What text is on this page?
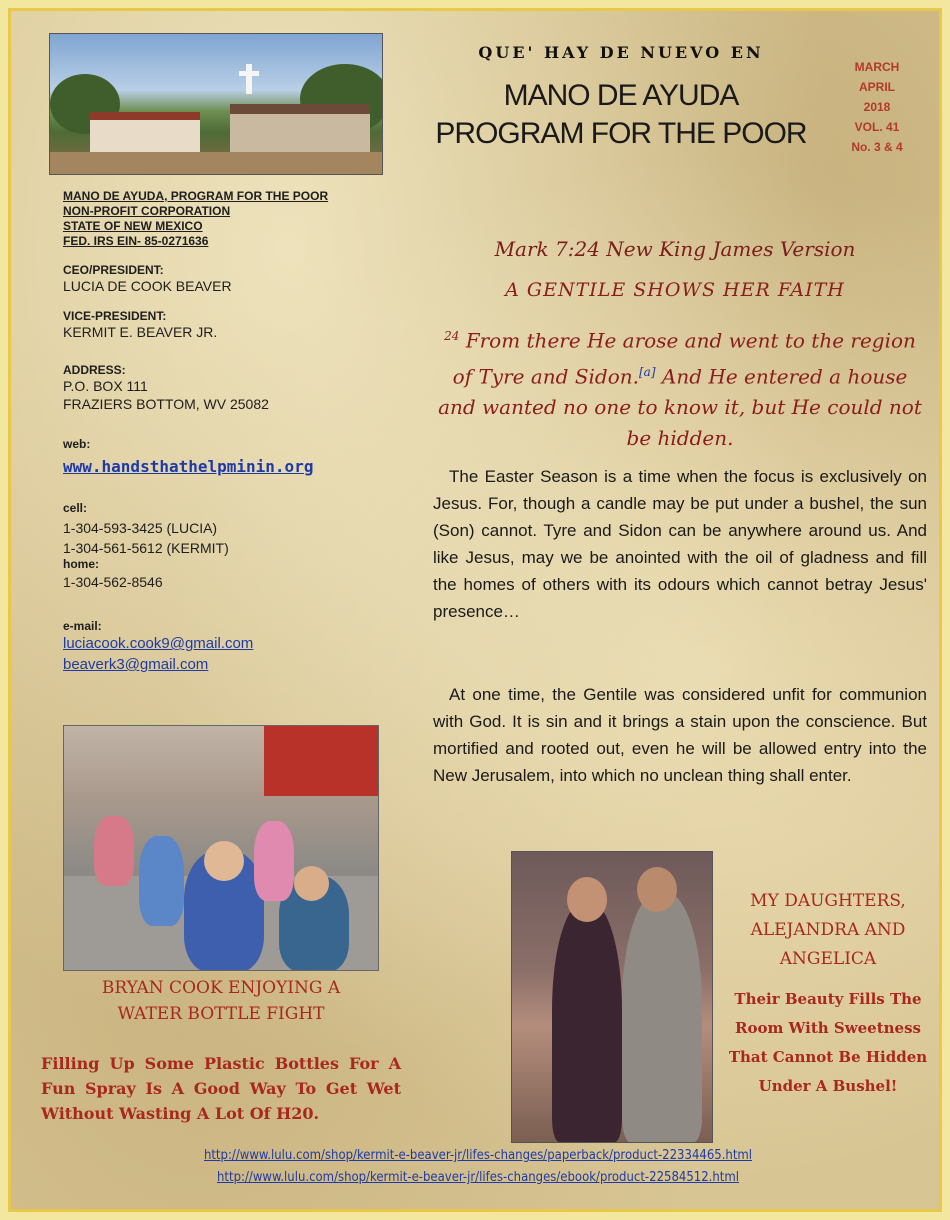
QUE' HAY DE NUEVO EN
MANO DE AYUDA
PROGRAM FOR THE POOR
MARCH
APRIL
2018
VOL. 41
No. 3 & 4
MANO DE AYUDA, PROGRAM FOR THE POOR
NON-PROFIT CORPORATION
STATE OF NEW MEXICO
FED. IRS EIN- 85-0271636
CEO/PRESIDENT:
LUCIA DE COOK BEAVER
VICE-PRESIDENT:
KERMIT E. BEAVER JR.
ADDRESS:
P.O. BOX 111
FRAZIERS BOTTOM, WV 25082
web:
www.handsthathelpminin.org
cell:
1-304-593-3425 (LUCIA)
1-304-561-5612 (KERMIT)
home:
1-304-562-8546
e-mail:
luciacook.cook9@gmail.com
beaverk3@gmail.com
BRYAN COOK ENJOYING A
WATER BOTTLE FIGHT
Filling Up Some Plastic Bottles For A Fun Spray Is A Good Way To Get Wet Without Wasting A Lot Of H20.
Mark 7:24 New King James Version
A GENTILE SHOWS HER FAITH
$^{24}$ From there He arose and went to the region of Tyre and Sidon.[a] And He entered a house and wanted no one to know it, but He could not be hidden.
The Easter Season is a time when the focus is exclusively on Jesus. For, though a candle may be put under a bushel, the sun (Son) cannot. Tyre and Sidon can be anywhere around us. And like Jesus, may we be anointed with the oil of gladness and fill the homes of others with its odours which cannot betray Jesus' presence…
At one time, the Gentile was considered unfit for communion with God. It is sin and it brings a stain upon the conscience. But mortified and rooted out, even he will be allowed entry into the New Jerusalem, into which no unclean thing shall enter.
MY DAUGHTERS,
ALEJANDRA AND
ANGELICA
Their Beauty Fills The Room With Sweetness That Cannot Be Hidden Under A Bushel!
http://www.lulu.com/shop/kermit-e-beaver-jr/lifes-changes/paperback/product-22334465.html
http://www.lulu.com/shop/kermit-e-beaver-jr/lifes-changes/ebook/product-22584512.html
